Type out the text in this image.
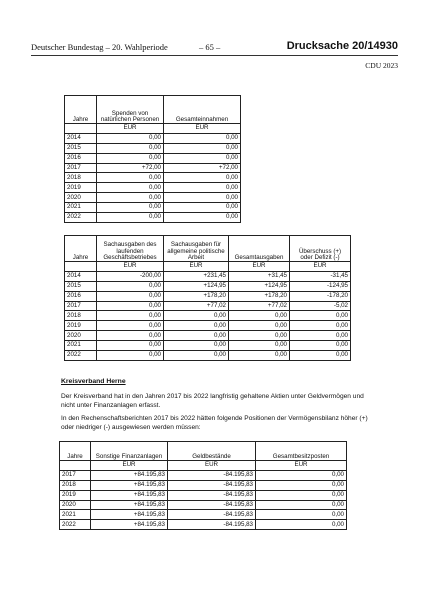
Deutscher Bundestag – 20. Wahlperiode	– 65 –	Drucksache 20/14930
CDU 2023
Jahre	Spenden von natürlichen Personen	Gesamteinnahmen
	EUR	EUR
2014	0,00	0,00
2015	0,00	0,00
2016	0,00	0,00
2017	+72,00	+72,00
2018	0,00	0,00
2019	0,00	0,00
2020	0,00	0,00
2021	0,00	0,00
2022	0,00	0,00
Jahre	Sachausgaben des laufenden Geschäftsbetriebes	Sachausgaben für allgemeine politische Arbeit	Gesamtausgaben	Überschuss (+) oder Defizit (-)
	EUR	EUR	EUR	EUR
2014	-200,00	+231,45	+31,45	-31,45
2015	0,00	+124,95	+124,95	-124,95
2016	0,00	+178,20	+178,20	-178,20
2017	0,00	+77,02	+77,02	-5,02
2018	0,00	0,00	0,00	0,00
2019	0,00	0,00	0,00	0,00
2020	0,00	0,00	0,00	0,00
2021	0,00	0,00	0,00	0,00
2022	0,00	0,00	0,00	0,00
Kreisverband Herne
Der Kreisverband hat in den Jahren 2017 bis 2022 langfristig gehaltene Aktien unter Geldvermögen und nicht unter Finanzanlagen erfasst.
In den Rechenschaftsberichten 2017 bis 2022 hätten folgende Positionen der Vermögensbilanz höher (+) oder niedriger (-) ausgewiesen werden müssen:
Jahre	Sonstige Finanzanlagen	Geldbestände	Gesamtbesitzposten
	EUR	EUR	EUR
2017	+84.195,83	-84.195,83	0,00
2018	+84.195,83	-84.195,83	0,00
2019	+84.195,83	-84.195,83	0,00
2020	+84.195,83	-84.195,83	0,00
2021	+84.195,83	-84.195,83	0,00
2022	+84.195,83	-84.195,83	0,00
